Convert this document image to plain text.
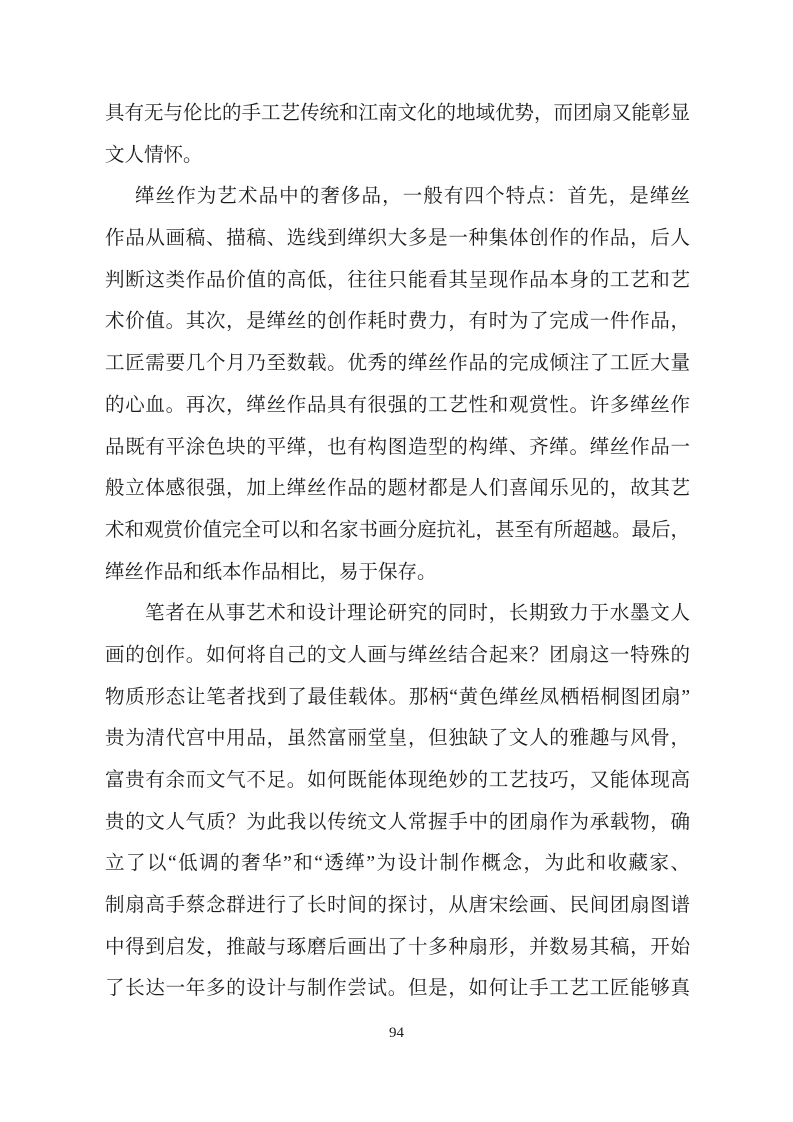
具有无与伦比的手工艺传统和江南文化的地域优势，而团扇又能彰显
文人情怀。
缂丝作为艺术品中的奢侈品，一般有四个特点：首先，是缂丝
作品从画稿、描稿、选线到缂织大多是一种集体创作的作品，后人
判断这类作品价值的高低，往往只能看其呈现作品本身的工艺和艺
术价值。其次，是缂丝的创作耗时费力，有时为了完成一件作品，
工匠需要几个月乃至数载。优秀的缂丝作品的完成倾注了工匠大量
的心血。再次，缂丝作品具有很强的工艺性和观赏性。许多缂丝作
品既有平涂色块的平缂，也有构图造型的构缂、齐缂。缂丝作品一
般立体感很强，加上缂丝作品的题材都是人们喜闻乐见的，故其艺
术和观赏价值完全可以和名家书画分庭抗礼，甚至有所超越。最后，
缂丝作品和纸本作品相比，易于保存。
笔者在从事艺术和设计理论研究的同时，长期致力于水墨文人
画的创作。如何将自己的文人画与缂丝结合起来？团扇这一特殊的
物质形态让笔者找到了最佳载体。那柄“黄色缂丝凤栖梧桐图团扇”
贵为清代宫中用品，虽然富丽堂皇，但独缺了文人的雅趣与风骨，
富贵有余而文气不足。如何既能体现绝妙的工艺技巧，又能体现高
贵的文人气质？为此我以传统文人常握手中的团扇作为承载物，确
立了以“低调的奢华”和“透缂”为设计制作概念，为此和收藏家、
制扇高手蔡念群进行了长时间的探讨，从唐宋绘画、民间团扇图谱
中得到启发，推敲与琢磨后画出了十多种扇形，并数易其稿，开始
了长达一年多的设计与制作尝试。但是，如何让手工艺工匠能够真
94
